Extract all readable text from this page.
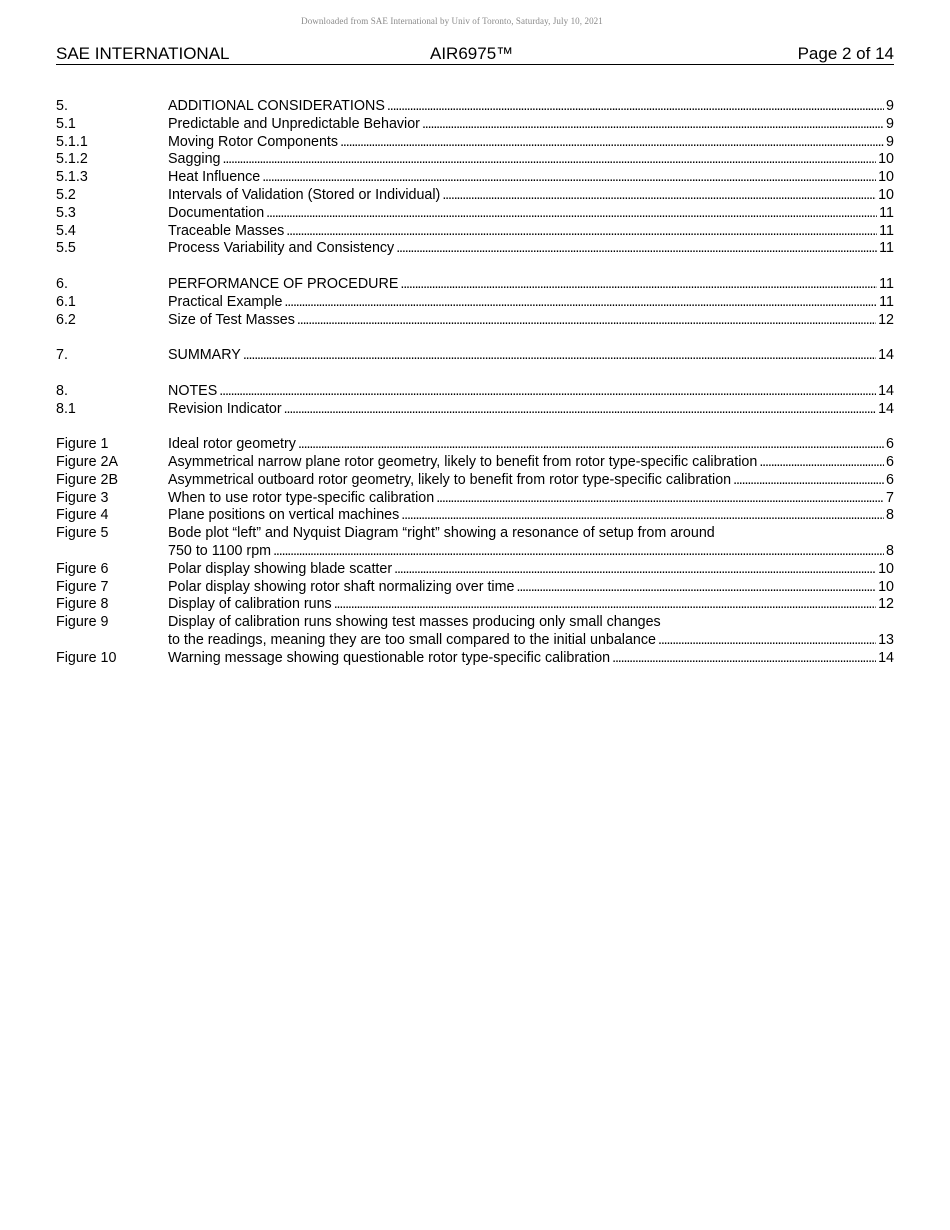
Downloaded from SAE International by Univ of Toronto, Saturday, July 10, 2021
SAE INTERNATIONAL	AIR6975™	Page 2 of 14
5.	ADDITIONAL CONSIDERATIONS . . .	9
5.1	Predictable and Unpredictable Behavior . . .	9
5.1.1	Moving Rotor Components . . .	9
5.1.2	Sagging . . .	10
5.1.3	Heat Influence . . .	10
5.2	Intervals of Validation (Stored or Individual) . . .	10
5.3	Documentation . . .	11
5.4	Traceable Masses . . .	11
5.5	Process Variability and Consistency . . .	11
6.	PERFORMANCE OF PROCEDURE . . .	11
6.1	Practical Example . . .	11
6.2	Size of Test Masses . . .	12
7.	SUMMARY . . .	14
8.	NOTES . . .	14
8.1	Revision Indicator . . .	14
Figure 1	Ideal rotor geometry . . .	6
Figure 2A	Asymmetrical narrow plane rotor geometry, likely to benefit from rotor type-specific calibration . . .	6
Figure 2B	Asymmetrical outboard rotor geometry, likely to benefit from rotor type-specific calibration . . .	6
Figure 3	When to use rotor type-specific calibration . . .	7
Figure 4	Plane positions on vertical machines . . .	8
Figure 5	Bode plot “left” and Nyquist Diagram “right” showing a resonance of setup from around
750 to 1100 rpm . . .	8
Figure 6	Polar display showing blade scatter . . .	10
Figure 7	Polar display showing rotor shaft normalizing over time . . .	10
Figure 8	Display of calibration runs . . .	12
Figure 9	Display of calibration runs showing test masses producing only small changes
to the readings, meaning they are too small compared to the initial unbalance . . .	13
Figure 10	Warning message showing questionable rotor type-specific calibration . . .	14
